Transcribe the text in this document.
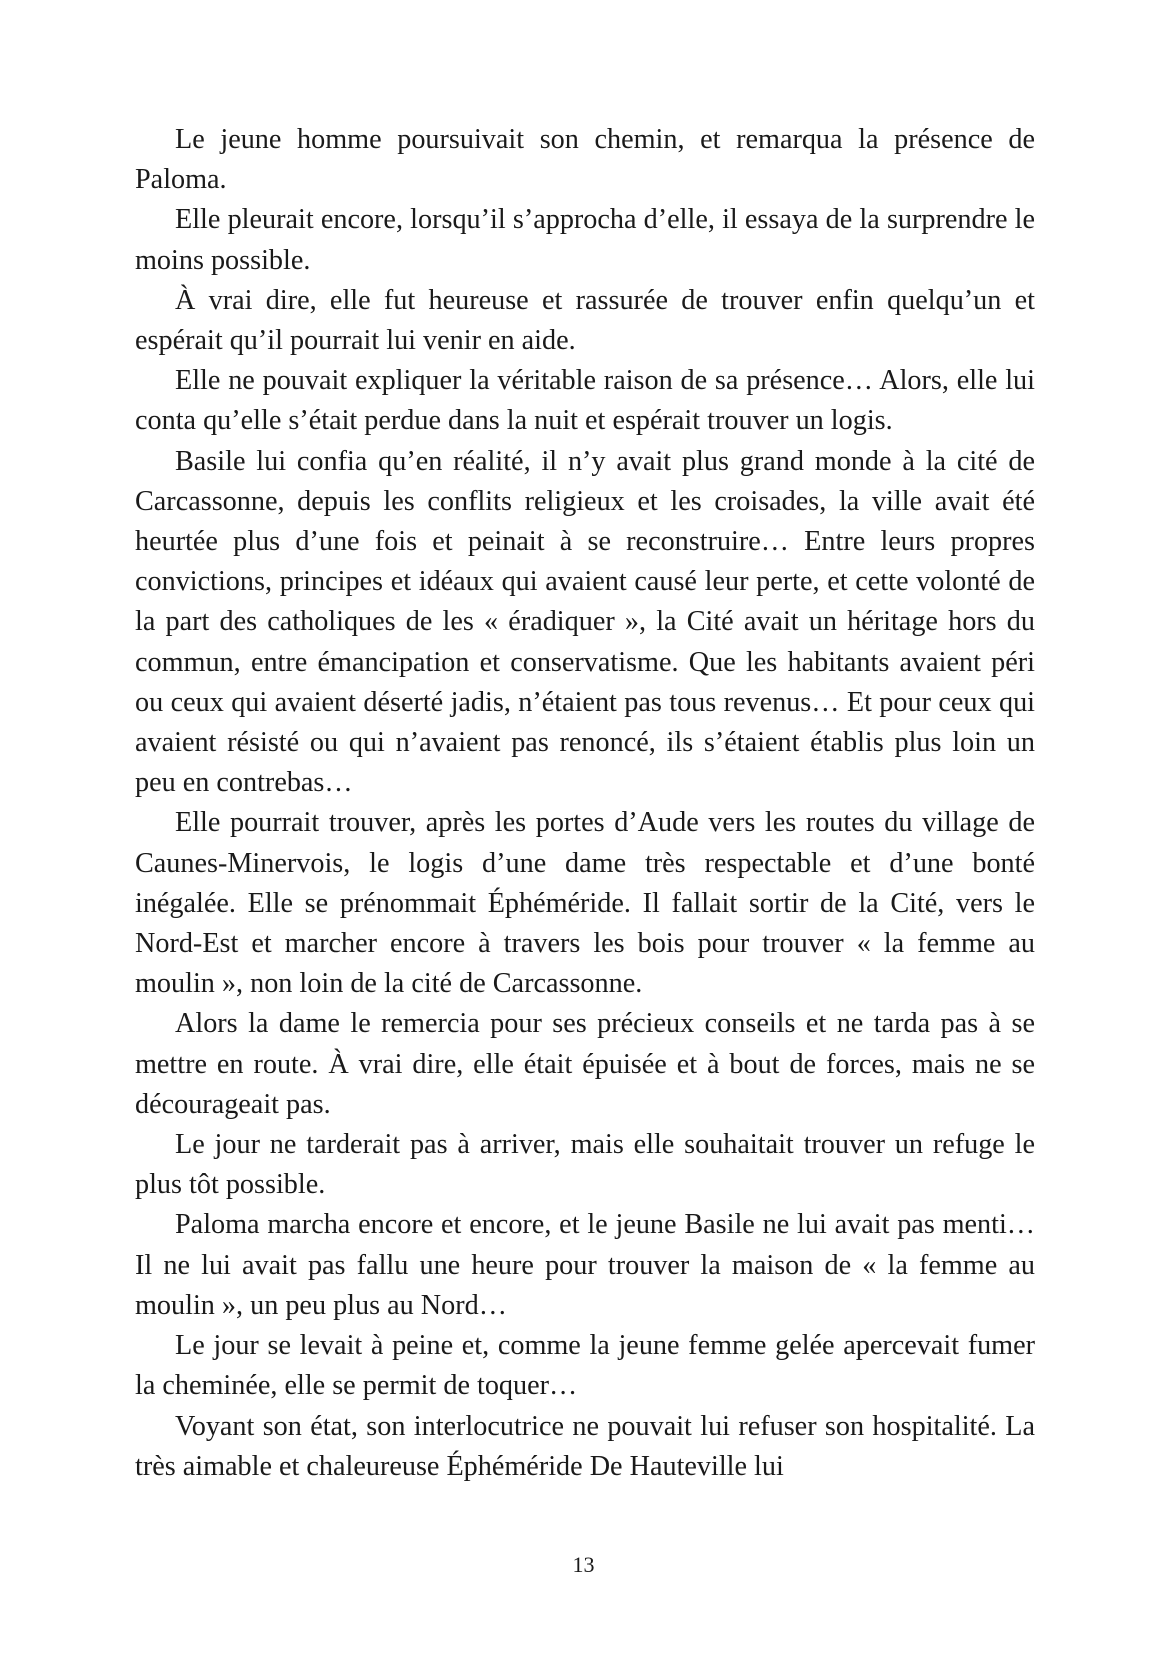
Le jeune homme poursuivait son chemin, et remarqua la présence de Paloma.

Elle pleurait encore, lorsqu’il s’approcha d’elle, il essaya de la surprendre le moins possible.

À vrai dire, elle fut heureuse et rassurée de trouver enfin quelqu’un et espérait qu’il pourrait lui venir en aide.

Elle ne pouvait expliquer la véritable raison de sa présence… Alors, elle lui conta qu’elle s’était perdue dans la nuit et espérait trouver un logis.

Basile lui confia qu’en réalité, il n’y avait plus grand monde à la cité de Carcassonne, depuis les conflits religieux et les croisades, la ville avait été heurtée plus d’une fois et peinait à se reconstruire… Entre leurs propres convictions, principes et idéaux qui avaient causé leur perte, et cette volonté de la part des catholiques de les « éradiquer », la Cité avait un héritage hors du commun, entre émancipation et conservatisme. Que les habitants avaient péri ou ceux qui avaient déserté jadis, n’étaient pas tous revenus… Et pour ceux qui avaient résisté ou qui n’avaient pas renoncé, ils s’étaient établis plus loin un peu en contrebas…

Elle pourrait trouver, après les portes d’Aude vers les routes du village de Caunes-Minervois, le logis d’une dame très respectable et d’une bonté inégalée. Elle se prénommait Éphéméride. Il fallait sortir de la Cité, vers le Nord-Est et marcher encore à travers les bois pour trouver « la femme au moulin », non loin de la cité de Carcassonne.

Alors la dame le remercia pour ses précieux conseils et ne tarda pas à se mettre en route. À vrai dire, elle était épuisée et à bout de forces, mais ne se décourageait pas.

Le jour ne tarderait pas à arriver, mais elle souhaitait trouver un refuge le plus tôt possible.

Paloma marcha encore et encore, et le jeune Basile ne lui avait pas menti… Il ne lui avait pas fallu une heure pour trouver la maison de « la femme au moulin », un peu plus au Nord…

Le jour se levait à peine et, comme la jeune femme gelée apercevait fumer la cheminée, elle se permit de toquer…

Voyant son état, son interlocutrice ne pouvait lui refuser son hospitalité. La très aimable et chaleureuse Éphéméride De Hauteville lui

13
